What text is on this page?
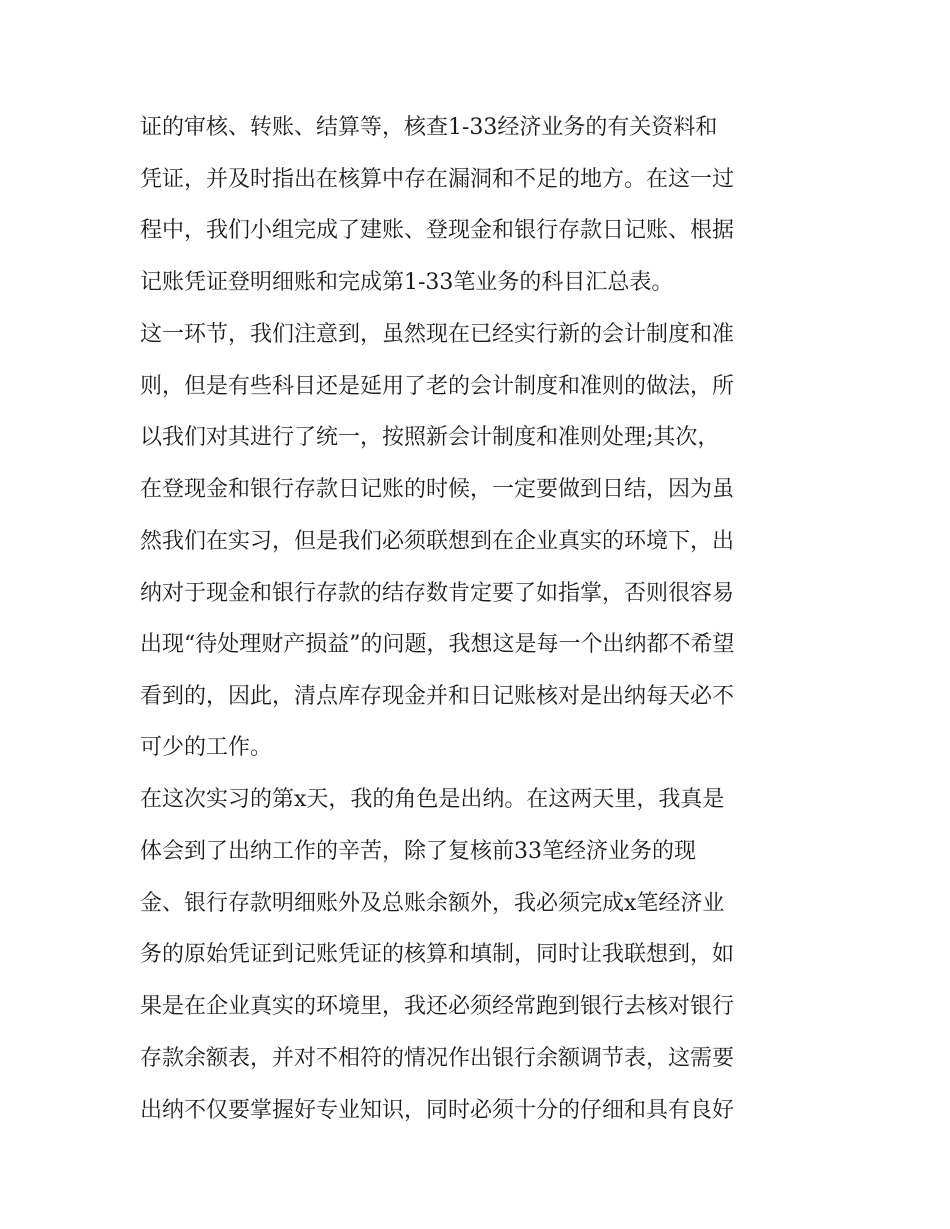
证的审核、转账、结算等，核查1-33经济业务的有关资料和

凭证，并及时指出在核算中存在漏洞和不足的地方。在这一过

程中，我们小组完成了建账、登现金和银行存款日记账、根据

记账凭证登明细账和完成第1-33笔业务的科目汇总表。

这一环节，我们注意到，虽然现在已经实行新的会计制度和准

则，但是有些科目还是延用了老的会计制度和准则的做法，所

以我们对其进行了统一，按照新会计制度和准则处理;其次，

在登现金和银行存款日记账的时候，一定要做到日结，因为虽

然我们在实习，但是我们必须联想到在企业真实的环境下，出

纳对于现金和银行存款的结存数肯定要了如指掌，否则很容易

出现“待处理财产损益”的问题，我想这是每一个出纳都不希望

看到的，因此，清点库存现金并和日记账核对是出纳每天必不

可少的工作。

在这次实习的第x天，我的角色是出纳。在这两天里，我真是

体会到了出纳工作的辛苦，除了复核前33笔经济业务的现

金、银行存款明细账外及总账余额外，我必须完成x笔经济业

务的原始凭证到记账凭证的核算和填制，同时让我联想到，如

果是在企业真实的环境里，我还必须经常跑到银行去核对银行

存款余额表，并对不相符的情况作出银行余额调节表，这需要

出纳不仅要掌握好专业知识，同时必须十分的仔细和具有良好
